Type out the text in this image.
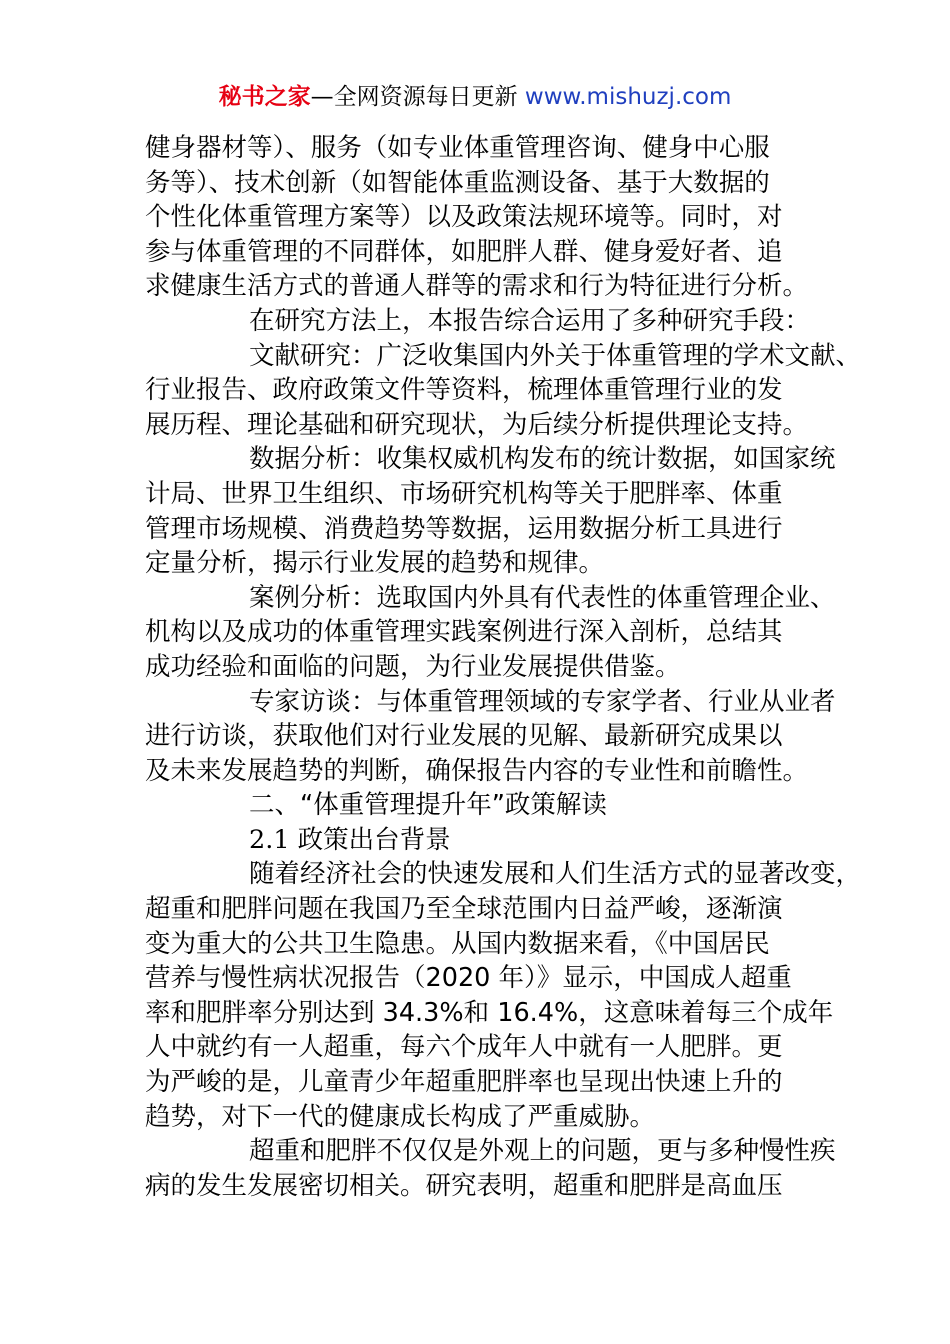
秘书之家—全网资源每日更新 www.mishuzj.com
健身器材等）、服务（如专业体重管理咨询、健身中心服
务等）、技术创新（如智能体重监测设备、基于大数据的
个性化体重管理方案等）以及政策法规环境等。同时，对
参与体重管理的不同群体，如肥胖人群、健身爱好者、追
求健康生活方式的普通人群等的需求和行为特征进行分析。
在研究方法上，本报告综合运用了多种研究手段：
文献研究：广泛收集国内外关于体重管理的学术文献、
行业报告、政府政策文件等资料，梳理体重管理行业的发
展历程、理论基础和研究现状，为后续分析提供理论支持。
数据分析：收集权威机构发布的统计数据，如国家统
计局、世界卫生组织、市场研究机构等关于肥胖率、体重
管理市场规模、消费趋势等数据，运用数据分析工具进行
定量分析，揭示行业发展的趋势和规律。
案例分析：选取国内外具有代表性的体重管理企业、
机构以及成功的体重管理实践案例进行深入剖析，总结其
成功经验和面临的问题，为行业发展提供借鉴。
专家访谈：与体重管理领域的专家学者、行业从业者
进行访谈，获取他们对行业发展的见解、最新研究成果以
及未来发展趋势的判断，确保报告内容的专业性和前瞻性。
二、“体重管理提升年”政策解读
2.1 政策出台背景
随着经济社会的快速发展和人们生活方式的显著改变，
超重和肥胖问题在我国乃至全球范围内日益严峻，逐渐演
变为重大的公共卫生隐患。从国内数据来看，《中国居民
营养与慢性病状况报告（2020 年）》显示，中国成人超重
率和肥胖率分别达到 34.3%和 16.4%，这意味着每三个成年
人中就约有一人超重，每六个成年人中就有一人肥胖。更
为严峻的是，儿童青少年超重肥胖率也呈现出快速上升的
趋势，对下一代的健康成长构成了严重威胁。
超重和肥胖不仅仅是外观上的问题，更与多种慢性疾
病的发生发展密切相关。研究表明，超重和肥胖是高血压
